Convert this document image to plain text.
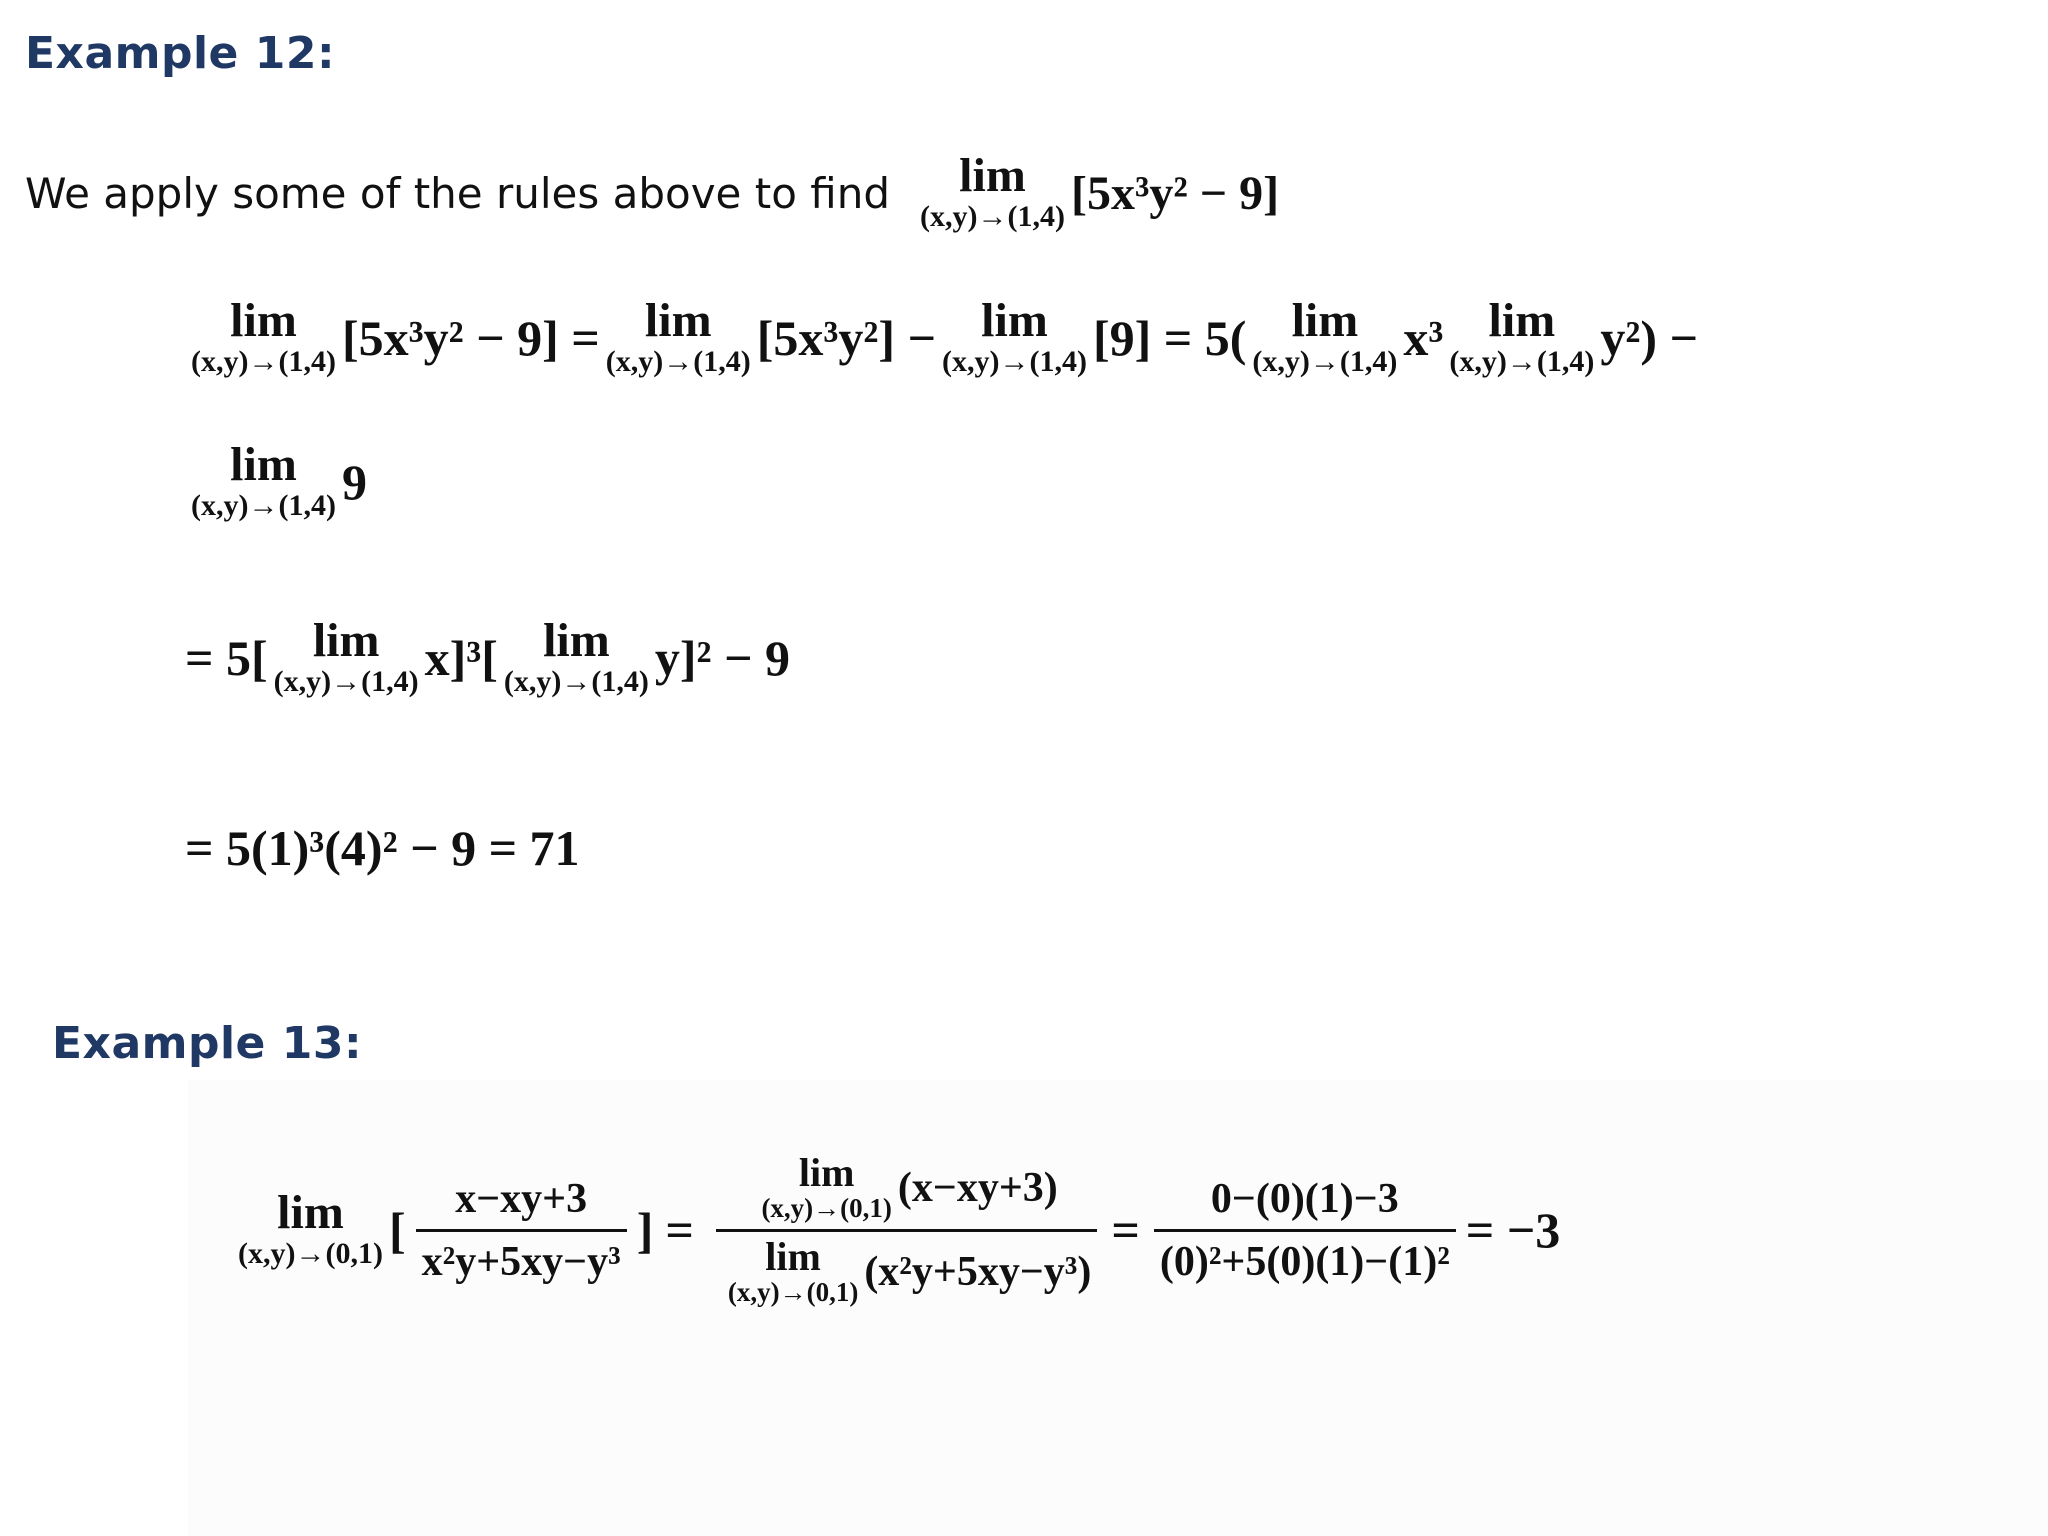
Example 12:
We apply some of the rules above to find lim
(x,y)→(1,4) [5x³y² − 9]
lim
(x,y)→(1,4) [5x³y² − 9] = lim
(x,y)→(1,4) [5x³y²] − lim
(x,y)→(1,4) [9] = 5( lim
(x,y)→(1,4) x³ lim
(x,y)→(1,4) y²) −
lim
(x,y)→(1,4) 9
= 5[ lim
(x,y)→(1,4) x]³[ lim
(x,y)→(1,4) y]² − 9
= 5(1)³(4)² − 9 = 71
Example 13:
lim
(x,y)→(0,1) [ $\frac{x-xy+3}{\text{x²y+5xy−y³}}$ ] = lim
(x,y)→(0,1) (x−xy+3)
lim
(x,y)→(0,1) $(x^2y+5xy-y^3) = \frac{0-(0)(1)-3}{\text{(0)²+5(0)(1)−(1)²}} = -3$
